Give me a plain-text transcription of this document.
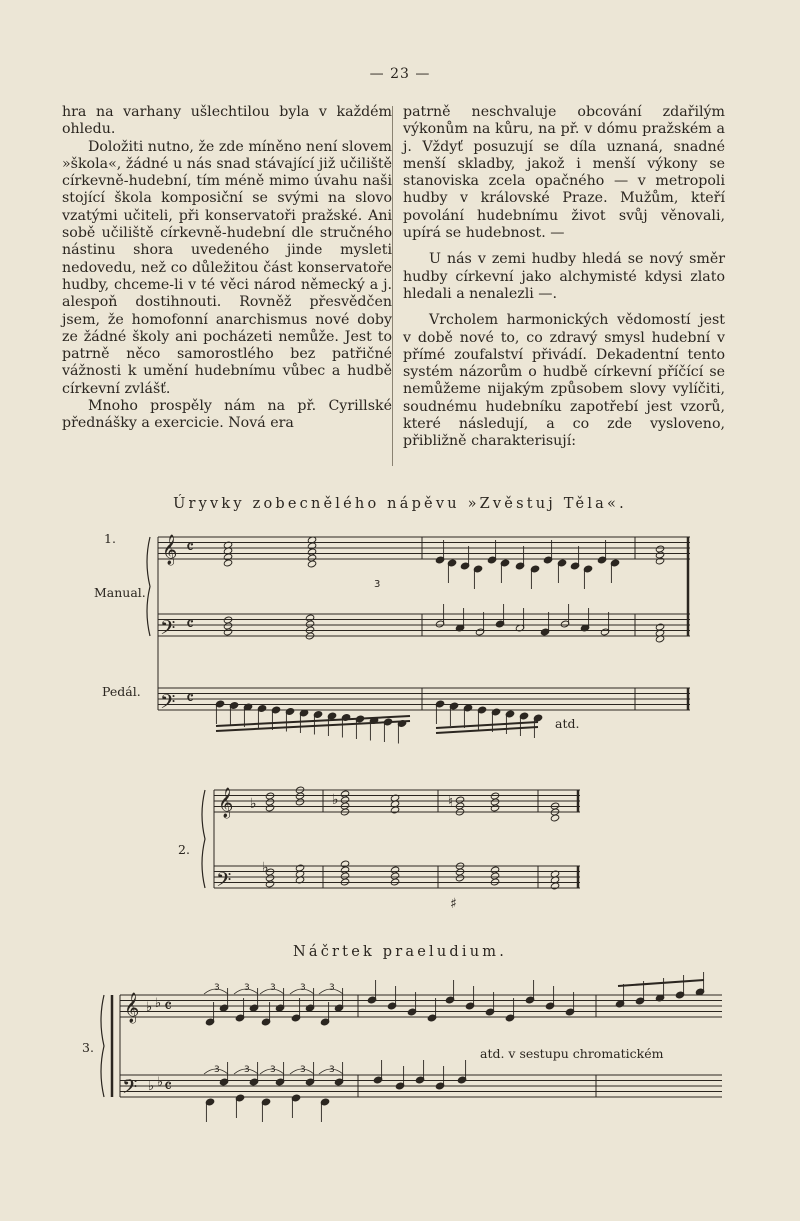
— 23 —

hra na varhany ušlechtilou byla v každém ohledu.

Doložiti nutno, že zde míněno není slovem »škola«, žádné u nás snad stávající již učiliště církevně-hudební, tím méně mimo úvahu naši stojící škola komposiční se svými na slovo vzatými učiteli, při konservatoři pražské. Ani sobě učiliště církevně-hudební dle stručného nástinu shora uvedeného jinde mysleti nedovedu, než co důležitou část konservatoře hudby, chceme-li v té věci národ německý a j. alespoň dostihnouti. Rovněž přesvědčen jsem, že homofonní anarchismus nové doby ze žádné školy ani pocházeti nemůže. Jest to patrně něco samorostlého bez patřičné vážnosti k umění hudebnímu vůbec a hudbě církevní zvlášť.

Mnoho prospěly nám na př. Cyrillské přednášky a exercicie. Nová era

patrně neschvaluje obcování zdařilým výkonům na kůru, na př. v dómu pražském a j. Vždyť posuzují se díla uznaná, snadné menší skladby, jakož i menší výkony se stanoviska zcela opačného — v metropoli hudby v královské Praze. Mužům, kteří povolání hudebnímu život svůj věnovali, upírá se hudebnost. —

U nás v zemi hudby hledá se nový směr hudby církevní jako alchymisté kdysi zlato hledali a nenalezli —.

Vrcholem harmonických vědomostí jest v době nové to, co zdravý smysl hudební v přímé zoufalství přivádí. Dekadentní tento systém názorům o hudbě církevní příčící se nemůžeme nijakým způsobem slovy vylíčiti, soudnému hudebníku zapotřebí jest vzorů, které následují, a co zde vysloveno, přibližně charakterisují:

Úryvky zobecnělého nápěvu »Zvěstuj Těla«.
Náčrtek praeludium.
1.
Manual.
Pedál.
atd.
2.
3.	atd. v sestupu chromatickém
𝄞
𝄢
𝄢
𝄴
𝄴
𝄴
3
𝄞
𝄢
♭	♭	♮
♭
♯
𝄞
𝄢
♭ ♭
♭ ♭
𝄴
𝄴
3	3 3	3	3
3	3 3	3	3
